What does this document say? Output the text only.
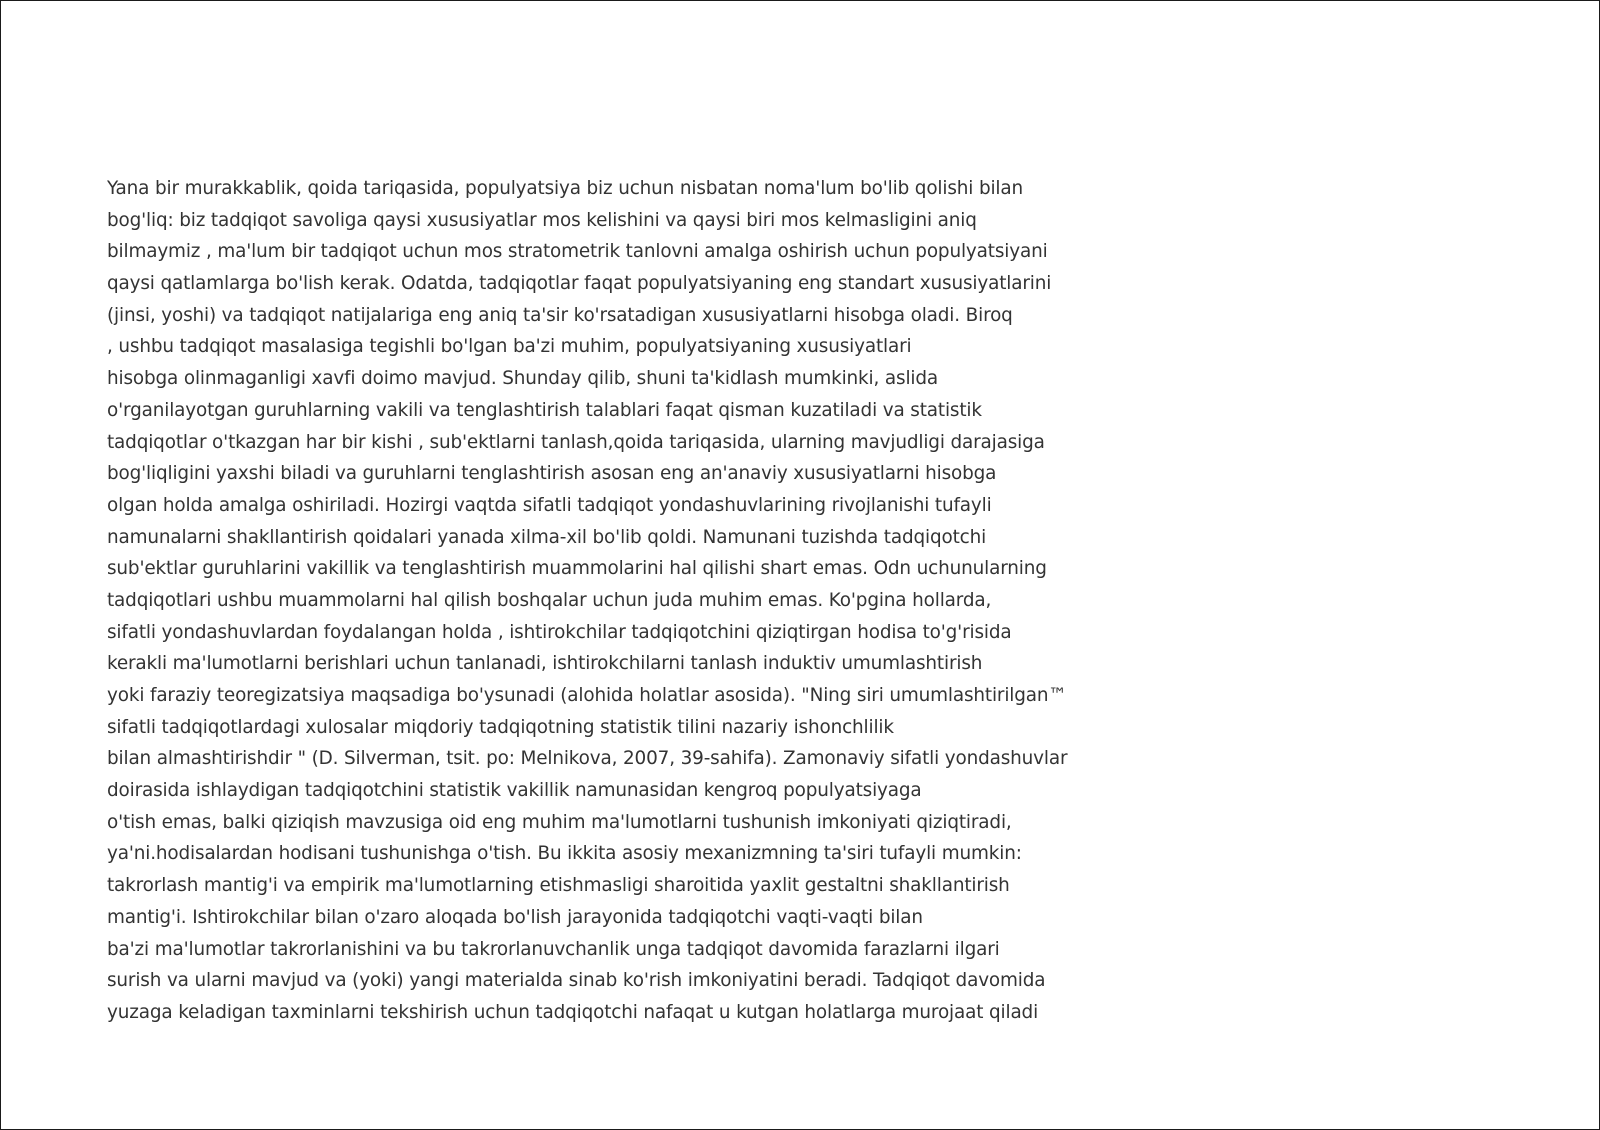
Yana bir murakkablik, qoida tariqasida, populyatsiya biz uchun nisbatan noma'lum bo'lib qolishi bilan
bog'liq: biz tadqiqot savoliga qaysi xususiyatlar mos kelishini va qaysi biri mos kelmasligini aniq
bilmaymiz , ma'lum bir tadqiqot uchun mos stratometrik tanlovni amalga oshirish uchun populyatsiyani
qaysi qatlamlarga bo'lish kerak. Odatda, tadqiqotlar faqat populyatsiyaning eng standart xususiyatlarini
(jinsi, yoshi) va tadqiqot natijalariga eng aniq ta'sir ko'rsatadigan xususiyatlarni hisobga oladi. Biroq
, ushbu tadqiqot masalasiga tegishli bo'lgan ba'zi muhim, populyatsiyaning xususiyatlari
hisobga olinmaganligi xavfi doimo mavjud. Shunday qilib, shuni ta'kidlash mumkinki, aslida
o'rganilayotgan guruhlarning vakili va tenglashtirish talablari faqat qisman kuzatiladi va statistik
tadqiqotlar o'tkazgan har bir kishi , sub'ektlarni tanlash,qoida tariqasida, ularning mavjudligi darajasiga
bog'liqligini yaxshi biladi va guruhlarni tenglashtirish asosan eng an'anaviy xususiyatlarni hisobga
olgan holda amalga oshiriladi. Hozirgi vaqtda sifatli tadqiqot yondashuvlarining rivojlanishi tufayli
namunalarni shakllantirish qoidalari yanada xilma-xil bo'lib qoldi. Namunani tuzishda tadqiqotchi
sub'ektlar guruhlarini vakillik va tenglashtirish muammolarini hal qilishi shart emas. Odn uchunularning
tadqiqotlari ushbu muammolarni hal qilish boshqalar uchun juda muhim emas. Ko'pgina hollarda,
sifatli yondashuvlardan foydalangan holda , ishtirokchilar tadqiqotchini qiziqtirgan hodisa to'g'risida
kerakli ma'lumotlarni berishlari uchun tanlanadi, ishtirokchilarni tanlash induktiv umumlashtirish
yoki faraziy teoregizatsiya maqsadiga bo'ysunadi (alohida holatlar asosida). "Ning siri umumlashtirilgan™
sifatli tadqiqotlardagi xulosalar miqdoriy tadqiqotning statistik tilini nazariy ishonchlilik
bilan almashtirishdir " (D. Silverman, tsit. po: Melnikova, 2007, 39-sahifa). Zamonaviy sifatli yondashuvlar
doirasida ishlaydigan tadqiqotchini statistik vakillik namunasidan kengroq populyatsiyaga
o'tish emas, balki qiziqish mavzusiga oid eng muhim ma'lumotlarni tushunish imkoniyati qiziqtiradi,
ya'ni.hodisalardan hodisani tushunishga o'tish. Bu ikkita asosiy mexanizmning ta'siri tufayli mumkin:
takrorlash mantig'i va empirik ma'lumotlarning etishmasligi sharoitida yaxlit gestaltni shakllantirish
mantig'i. Ishtirokchilar bilan o'zaro aloqada bo'lish jarayonida tadqiqotchi vaqti-vaqti bilan
ba'zi ma'lumotlar takrorlanishini va bu takrorlanuvchanlik unga tadqiqot davomida farazlarni ilgari
surish va ularni mavjud va (yoki) yangi materialda sinab ko'rish imkoniyatini beradi. Tadqiqot davomida
yuzaga keladigan taxminlarni tekshirish uchun tadqiqotchi nafaqat u kutgan holatlarga murojaat qiladi
